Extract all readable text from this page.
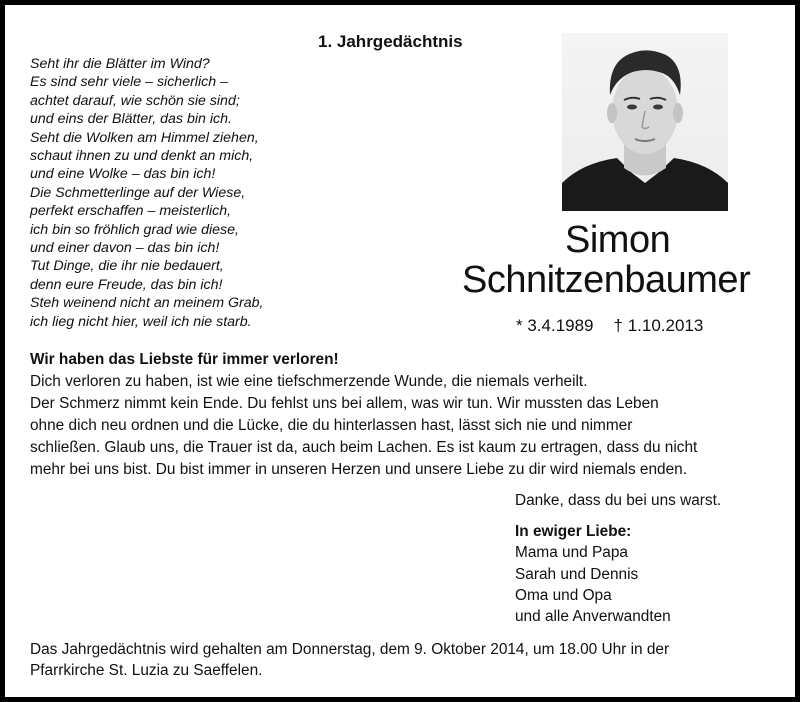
1. Jahrgedächtnis
Seht ihr die Blätter im Wind?
Es sind sehr viele – sicherlich –
achtet darauf, wie schön sie sind;
und eins der Blätter, das bin ich.
Seht die Wolken am Himmel ziehen,
schaut ihnen zu und denkt an mich,
und eine Wolke – das bin ich!
Die Schmetterlinge auf der Wiese,
perfekt erschaffen – meisterlich,
ich bin so fröhlich grad wie diese,
und einer davon – das bin ich!
Tut Dinge, die ihr nie bedauert,
denn eure Freude, das bin ich!
Steh weinend nicht an meinem Grab,
ich lieg nicht hier, weil ich nie starb.
Simon
Schnitzenbaumer
* 3.4.1989 † 1.10.2013
Wir haben das Liebste für immer verloren!
Dich verloren zu haben, ist wie eine tiefschmerzende Wunde, die niemals verheilt.
Der Schmerz nimmt kein Ende. Du fehlst uns bei allem, was wir tun. Wir mussten das Leben
ohne dich neu ordnen und die Lücke, die du hinterlassen hast, lässt sich nie und nimmer
schließen. Glaub uns, die Trauer ist da, auch beim Lachen. Es ist kaum zu ertragen, dass du nicht
mehr bei uns bist. Du bist immer in unseren Herzen und unsere Liebe zu dir wird niemals enden.
Danke, dass du bei uns warst.
In ewiger Liebe:
Mama und Papa
Sarah und Dennis
Oma und Opa
und alle Anverwandten
Das Jahrgedächtnis wird gehalten am Donnerstag, dem 9. Oktober 2014, um 18.00 Uhr in der
Pfarrkirche St. Luzia zu Saeffelen.
